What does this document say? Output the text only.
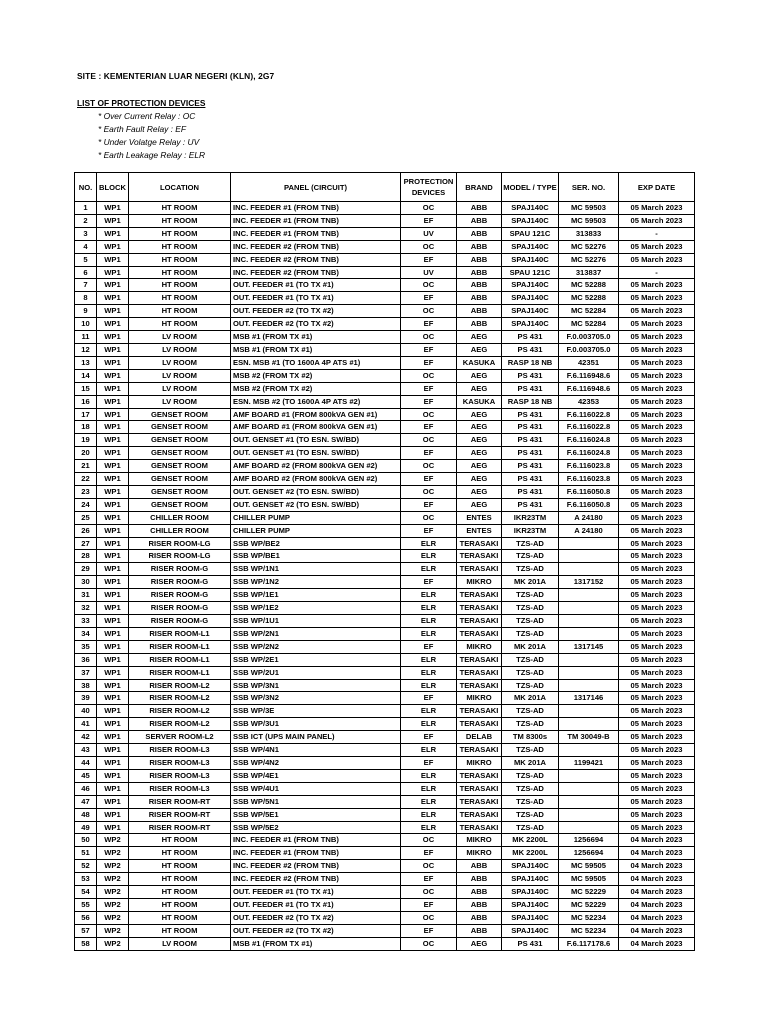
SITE : KEMENTERIAN LUAR NEGERI (KLN), 2G7
LIST OF PROTECTION DEVICES
* Over Current Relay : OC
* Earth Fault Relay : EF
* Under Volatge Relay : UV
* Earth Leakage Relay : ELR
NO.	BLOCK	LOCATION	PANEL (CIRCUIT)	PROTECTION DEVICES	BRAND	MODEL / TYPE	SER. NO.	EXP DATE
1	WP1	HT ROOM	INC. FEEDER #1 (FROM TNB)	OC	ABB	SPAJ140C	MC 59503	05 March 2023
2	WP1	HT ROOM	INC. FEEDER #1 (FROM TNB)	EF	ABB	SPAJ140C	MC 59503	05 March 2023
3	WP1	HT ROOM	INC. FEEDER #1 (FROM TNB)	UV	ABB	SPAU 121C	313833	-
4	WP1	HT ROOM	INC. FEEDER #2 (FROM TNB)	OC	ABB	SPAJ140C	MC 52276	05 March 2023
5	WP1	HT ROOM	INC. FEEDER #2 (FROM TNB)	EF	ABB	SPAJ140C	MC 52276	05 March 2023
6	WP1	HT ROOM	INC. FEEDER #2 (FROM TNB)	UV	ABB	SPAU 121C	313837	-
7	WP1	HT ROOM	OUT. FEEDER #1 (TO TX #1)	OC	ABB	SPAJ140C	MC 52288	05 March 2023
8	WP1	HT ROOM	OUT. FEEDER #1 (TO TX #1)	EF	ABB	SPAJ140C	MC 52288	05 March 2023
9	WP1	HT ROOM	OUT. FEEDER #2 (TO TX #2)	OC	ABB	SPAJ140C	MC 52284	05 March 2023
10	WP1	HT ROOM	OUT. FEEDER #2 (TO TX #2)	EF	ABB	SPAJ140C	MC 52284	05 March 2023
11	WP1	LV ROOM	MSB #1 (FROM TX #1)	OC	AEG	PS 431	F.0.003705.0	05 March 2023
12	WP1	LV ROOM	MSB #1 (FROM TX #1)	EF	AEG	PS 431	F.0.003705.0	05 March 2023
13	WP1	LV ROOM	ESN. MSB #1 (TO 1600A 4P ATS #1)	EF	KASUKA	RASP 18 NB	42351	05 March 2023
14	WP1	LV ROOM	MSB #2 (FROM TX #2)	OC	AEG	PS 431	F.6.116948.6	05 March 2023
15	WP1	LV ROOM	MSB #2 (FROM TX #2)	EF	AEG	PS 431	F.6.116948.6	05 March 2023
16	WP1	LV ROOM	ESN. MSB #2 (TO 1600A 4P ATS #2)	EF	KASUKA	RASP 18 NB	42353	05 March 2023
17	WP1	GENSET ROOM	AMF BOARD #1 (FROM 800kVA GEN #1)	OC	AEG	PS 431	F.6.116022.8	05 March 2023
18	WP1	GENSET ROOM	AMF BOARD #1 (FROM 800kVA GEN #1)	EF	AEG	PS 431	F.6.116022.8	05 March 2023
19	WP1	GENSET ROOM	OUT. GENSET #1 (TO ESN. SW/BD)	OC	AEG	PS 431	F.6.116024.8	05 March 2023
20	WP1	GENSET ROOM	OUT. GENSET #1 (TO ESN. SW/BD)	EF	AEG	PS 431	F.6.116024.8	05 March 2023
21	WP1	GENSET ROOM	AMF BOARD #2 (FROM 800kVA GEN #2)	OC	AEG	PS 431	F.6.116023.8	05 March 2023
22	WP1	GENSET ROOM	AMF BOARD #2 (FROM 800kVA GEN #2)	EF	AEG	PS 431	F.6.116023.8	05 March 2023
23	WP1	GENSET ROOM	OUT. GENSET #2 (TO ESN. SW/BD)	OC	AEG	PS 431	F.6.116050.8	05 March 2023
24	WP1	GENSET ROOM	OUT. GENSET #2 (TO ESN. SW/BD)	EF	AEG	PS 431	F.6.116050.8	05 March 2023
25	WP1	CHILLER ROOM	CHILLER PUMP	OC	ENTES	IKR23TM	A 24180	05 March 2023
26	WP1	CHILLER ROOM	CHILLER PUMP	EF	ENTES	IKR23TM	A 24180	05 March 2023
27	WP1	RISER ROOM-LG	SSB WP/BE2	ELR	TERASAKI	TZS-AD		05 March 2023
28	WP1	RISER ROOM-LG	SSB WP/BE1	ELR	TERASAKI	TZS-AD		05 March 2023
29	WP1	RISER ROOM-G	SSB WP/1N1	ELR	TERASAKI	TZS-AD		05 March 2023
30	WP1	RISER ROOM-G	SSB WP/1N2	EF	MIKRO	MK 201A	1317152	05 March 2023
31	WP1	RISER ROOM-G	SSB WP/1E1	ELR	TERASAKI	TZS-AD		05 March 2023
32	WP1	RISER ROOM-G	SSB WP/1E2	ELR	TERASAKI	TZS-AD		05 March 2023
33	WP1	RISER ROOM-G	SSB WP/1U1	ELR	TERASAKI	TZS-AD		05 March 2023
34	WP1	RISER ROOM-L1	SSB WP/2N1	ELR	TERASAKI	TZS-AD		05 March 2023
35	WP1	RISER ROOM-L1	SSB WP/2N2	EF	MIKRO	MK 201A	1317145	05 March 2023
36	WP1	RISER ROOM-L1	SSB WP/2E1	ELR	TERASAKI	TZS-AD		05 March 2023
37	WP1	RISER ROOM-L1	SSB WP/2U1	ELR	TERASAKI	TZS-AD		05 March 2023
38	WP1	RISER ROOM-L2	SSB WP/3N1	ELR	TERASAKI	TZS-AD		05 March 2023
39	WP1	RISER ROOM-L2	SSB WP/3N2	EF	MIKRO	MK 201A	1317146	05 March 2023
40	WP1	RISER ROOM-L2	SSB WP/3E	ELR	TERASAKI	TZS-AD		05 March 2023
41	WP1	RISER ROOM-L2	SSB WP/3U1	ELR	TERASAKI	TZS-AD		05 March 2023
42	WP1	SERVER ROOM-L2	SSB ICT (UPS MAIN PANEL)	EF	DELAB	TM 8300s	TM 30049-B	05 March 2023
43	WP1	RISER ROOM-L3	SSB WP/4N1	ELR	TERASAKI	TZS-AD		05 March 2023
44	WP1	RISER ROOM-L3	SSB WP/4N2	EF	MIKRO	MK 201A	1199421	05 March 2023
45	WP1	RISER ROOM-L3	SSB WP/4E1	ELR	TERASAKI	TZS-AD		05 March 2023
46	WP1	RISER ROOM-L3	SSB WP/4U1	ELR	TERASAKI	TZS-AD		05 March 2023
47	WP1	RISER ROOM-RT	SSB WP/5N1	ELR	TERASAKI	TZS-AD		05 March 2023
48	WP1	RISER ROOM-RT	SSB WP/5E1	ELR	TERASAKI	TZS-AD		05 March 2023
49	WP1	RISER ROOM-RT	SSB WP/5E2	ELR	TERASAKI	TZS-AD		05 March 2023
50	WP2	HT ROOM	INC. FEEDER #1 (FROM TNB)	OC	MIKRO	MK 2200L	1256694	04 March 2023
51	WP2	HT ROOM	INC. FEEDER #1 (FROM TNB)	EF	MIKRO	MK 2200L	1256694	04 March 2023
52	WP2	HT ROOM	INC. FEEDER #2 (FROM TNB)	OC	ABB	SPAJ140C	MC 59505	04 March 2023
53	WP2	HT ROOM	INC. FEEDER #2 (FROM TNB)	EF	ABB	SPAJ140C	MC 59505	04 March 2023
54	WP2	HT ROOM	OUT. FEEDER #1 (TO TX #1)	OC	ABB	SPAJ140C	MC 52229	04 March 2023
55	WP2	HT ROOM	OUT. FEEDER #1 (TO TX #1)	EF	ABB	SPAJ140C	MC 52229	04 March 2023
56	WP2	HT ROOM	OUT. FEEDER #2 (TO TX #2)	OC	ABB	SPAJ140C	MC 52234	04 March 2023
57	WP2	HT ROOM	OUT. FEEDER #2 (TO TX #2)	EF	ABB	SPAJ140C	MC 52234	04 March 2023
58	WP2	LV ROOM	MSB #1 (FROM TX #1)	OC	AEG	PS 431	F.6.117178.6	04 March 2023
